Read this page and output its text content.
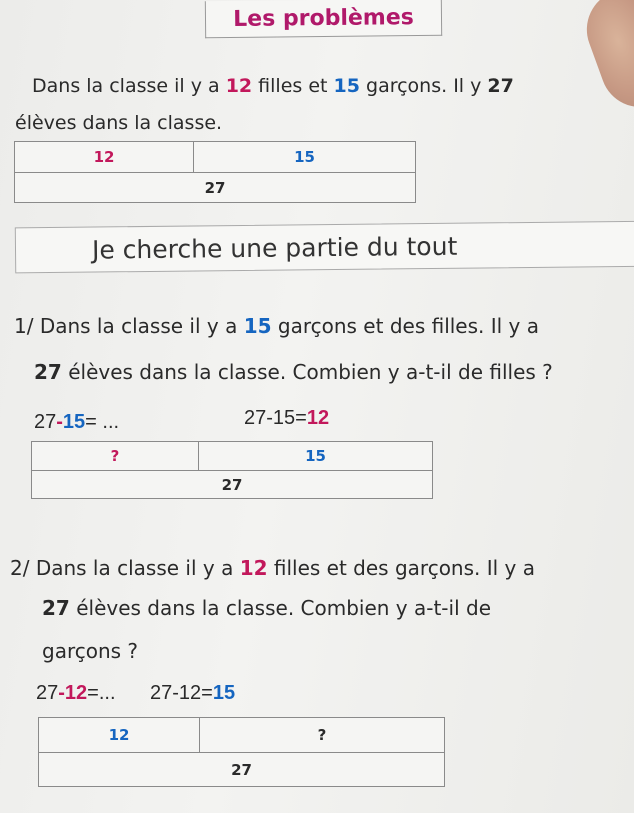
Les problèmes
Dans la classe il y a 12 filles et 15 garçons. Il y 27
élèves dans la classe.
12	15
27
Je cherche une partie du tout
1/ Dans la classe il y a 15 garçons et des filles. Il y a
27 élèves dans la classe. Combien y a-t-il de filles ?
27-15= ...	27-15=12
?	15
27
2/ Dans la classe il y a 12 filles et des garçons. Il y a
27 élèves dans la classe. Combien y a-t-il de
garçons ?
27-12=... 27-12=15
12	?
27
